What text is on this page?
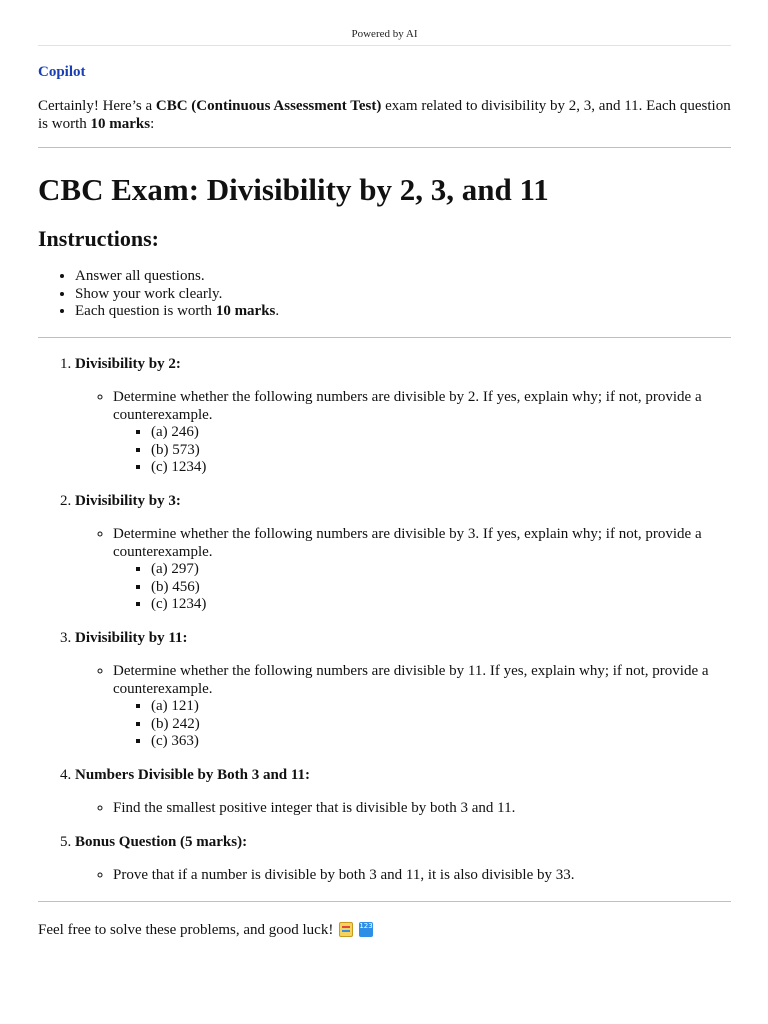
Powered by AI
Copilot
Certainly! Here’s a CBC (Continuous Assessment Test) exam related to divisibility by 2, 3, and 11. Each question is worth 10 marks:
CBC Exam: Divisibility by 2, 3, and 11
Instructions:
• Answer all questions.
• Show your work clearly.
• Each question is worth 10 marks.
1. Divisibility by 2:
◦ Determine whether the following numbers are divisible by 2. If yes, explain why; if not, provide a counterexample.
▪ (a) 246)
▪ (b) 573)
▪ (c) 1234)
2. Divisibility by 3:
◦ Determine whether the following numbers are divisible by 3. If yes, explain why; if not, provide a counterexample.
▪ (a) 297)
▪ (b) 456)
▪ (c) 1234)
3. Divisibility by 11:
◦ Determine whether the following numbers are divisible by 11. If yes, explain why; if not, provide a counterexample.
▪ (a) 121)
▪ (b) 242)
▪ (c) 363)
4. Numbers Divisible by Both 3 and 11:
◦ Find the smallest positive integer that is divisible by both 3 and 11.
5. Bonus Question (5 marks):
◦ Prove that if a number is divisible by both 3 and 11, it is also divisible by 33.
Feel free to solve these problems, and good luck!	1234
